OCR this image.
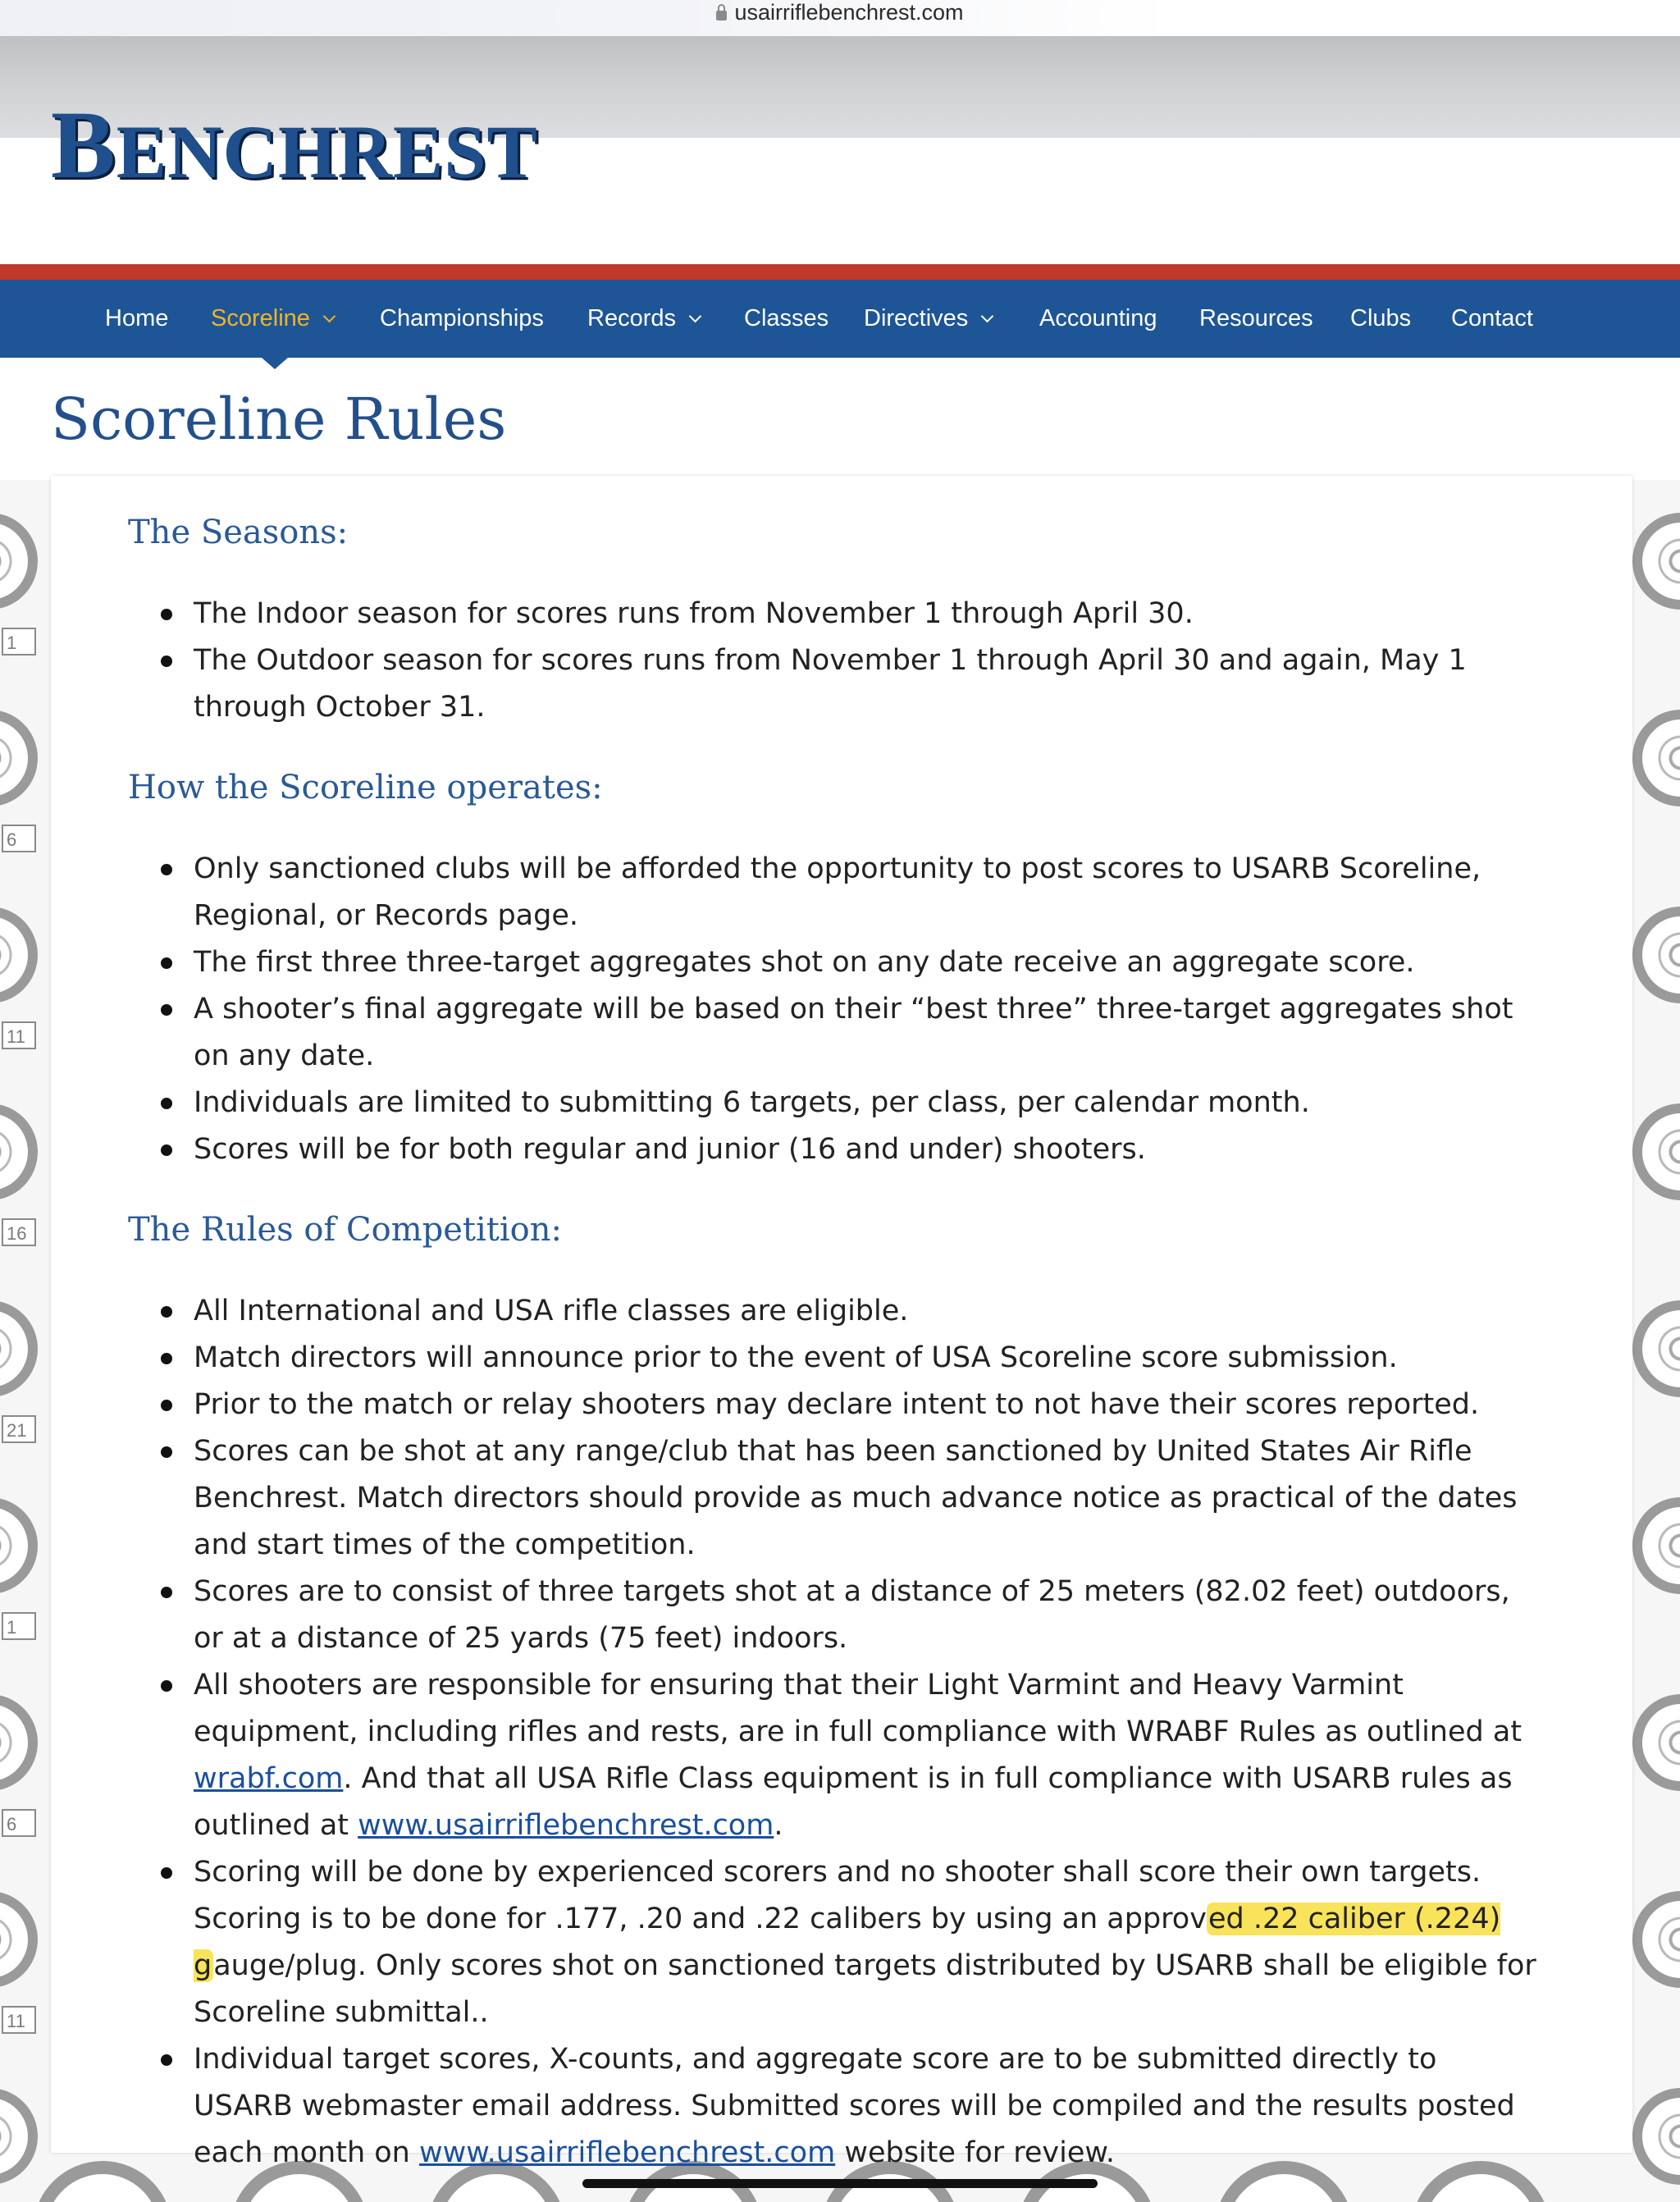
usairriflebenchrest.com
BENCHREST
Home Scoreline	Championships Records	Classes Directives	Accounting Resources Clubs Contact
Scoreline Rules
1
6
11
16
21
1
6
11
The Seasons:
The Indoor season for scores runs from November 1 through April 30.
The Outdoor season for scores runs from November 1 through April 30 and again, May 1 through October 31.
How the Scoreline operates:
Only sanctioned clubs will be afforded the opportunity to post scores to USARB Scoreline, Regional, or Records page.
The first three three-target aggregates shot on any date receive an aggregate score.
A shooter’s final aggregate will be based on their “best three” three-target aggregates shot on any date.
Individuals are limited to submitting 6 targets, per class, per calendar month.
Scores will be for both regular and junior (16 and under) shooters.
The Rules of Competition:
All International and USA rifle classes are eligible.
Match directors will announce prior to the event of USA Scoreline score submission.
Prior to the match or relay shooters may declare intent to not have their scores reported.
Scores can be shot at any range/club that has been sanctioned by United States Air Rifle Benchrest. Match directors should provide as much advance notice as practical of the dates and start times of the competition.
Scores are to consist of three targets shot at a distance of 25 meters (82.02 feet) outdoors, or at a distance of 25 yards (75 feet) indoors.
All shooters are responsible for ensuring that their Light Varmint and Heavy Varmint equipment, including rifles and rests, are in full compliance with WRABF Rules as outlined at wrabf.com. And that all USA Rifle Class equipment is in full compliance with USARB rules as outlined at www.usairriflebenchrest.com.
Scoring will be done by experienced scorers and no shooter shall score their own targets. Scoring is to be done for .177, .20 and .22 calibers by using an approved .22 caliber (.224) gauge/plug. Only scores shot on sanctioned targets distributed by USARB shall be eligible for Scoreline submittal..
Individual target scores, X-counts, and aggregate score are to be submitted directly to USARB webmaster email address. Submitted scores will be compiled and the results posted each month on www.usairriflebenchrest.com website for review.
